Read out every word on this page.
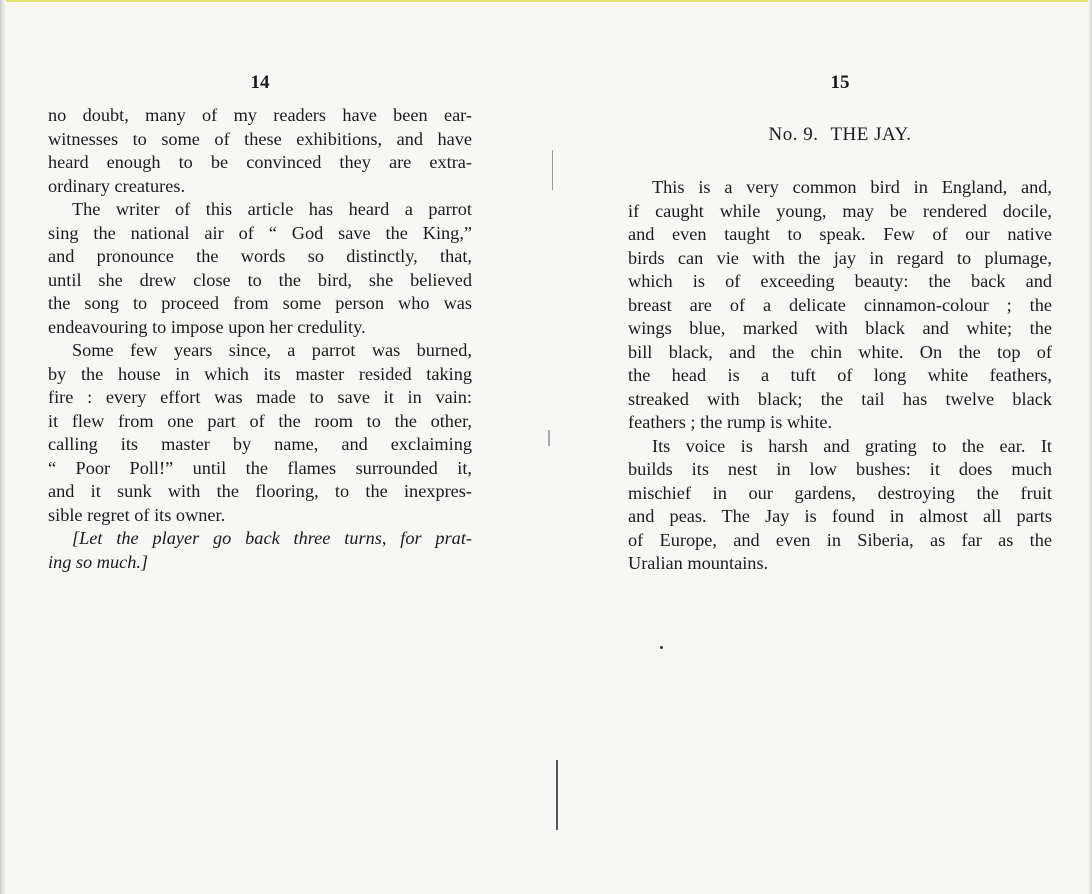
14
no doubt, many of my readers have been ear-
witnesses to some of these exhibitions, and have
heard enough to be convinced they are extra-
ordinary creatures.
The writer of this article has heard a parrot
sing the national air of “ God save the King,”
and pronounce the words so distinctly, that,
until she drew close to the bird, she believed
the song to proceed from some person who was
endeavouring to impose upon her credulity.
Some few years since, a parrot was burned,
by the house in which its master resided taking
fire : every effort was made to save it in vain:
it flew from one part of the room to the other,
calling its master by name, and exclaiming
“ Poor Poll!” until the flames surrounded it,
and it sunk with the flooring, to the inexpres-
sible regret of its owner.
[Let the player go back three turns, for prat-
ing so much.]
15
No. 9. THE JAY.
This is a very common bird in England, and,
if caught while young, may be rendered docile,
and even taught to speak. Few of our native
birds can vie with the jay in regard to plumage,
which is of exceeding beauty: the back and
breast are of a delicate cinnamon-colour ; the
wings blue, marked with black and white; the
bill black, and the chin white. On the top of
the head is a tuft of long white feathers,
streaked with black; the tail has twelve black
feathers ; the rump is white.
Its voice is harsh and grating to the ear. It
builds its nest in low bushes: it does much
mischief in our gardens, destroying the fruit
and peas. The Jay is found in almost all parts
of Europe, and even in Siberia, as far as the
Uralian mountains.
